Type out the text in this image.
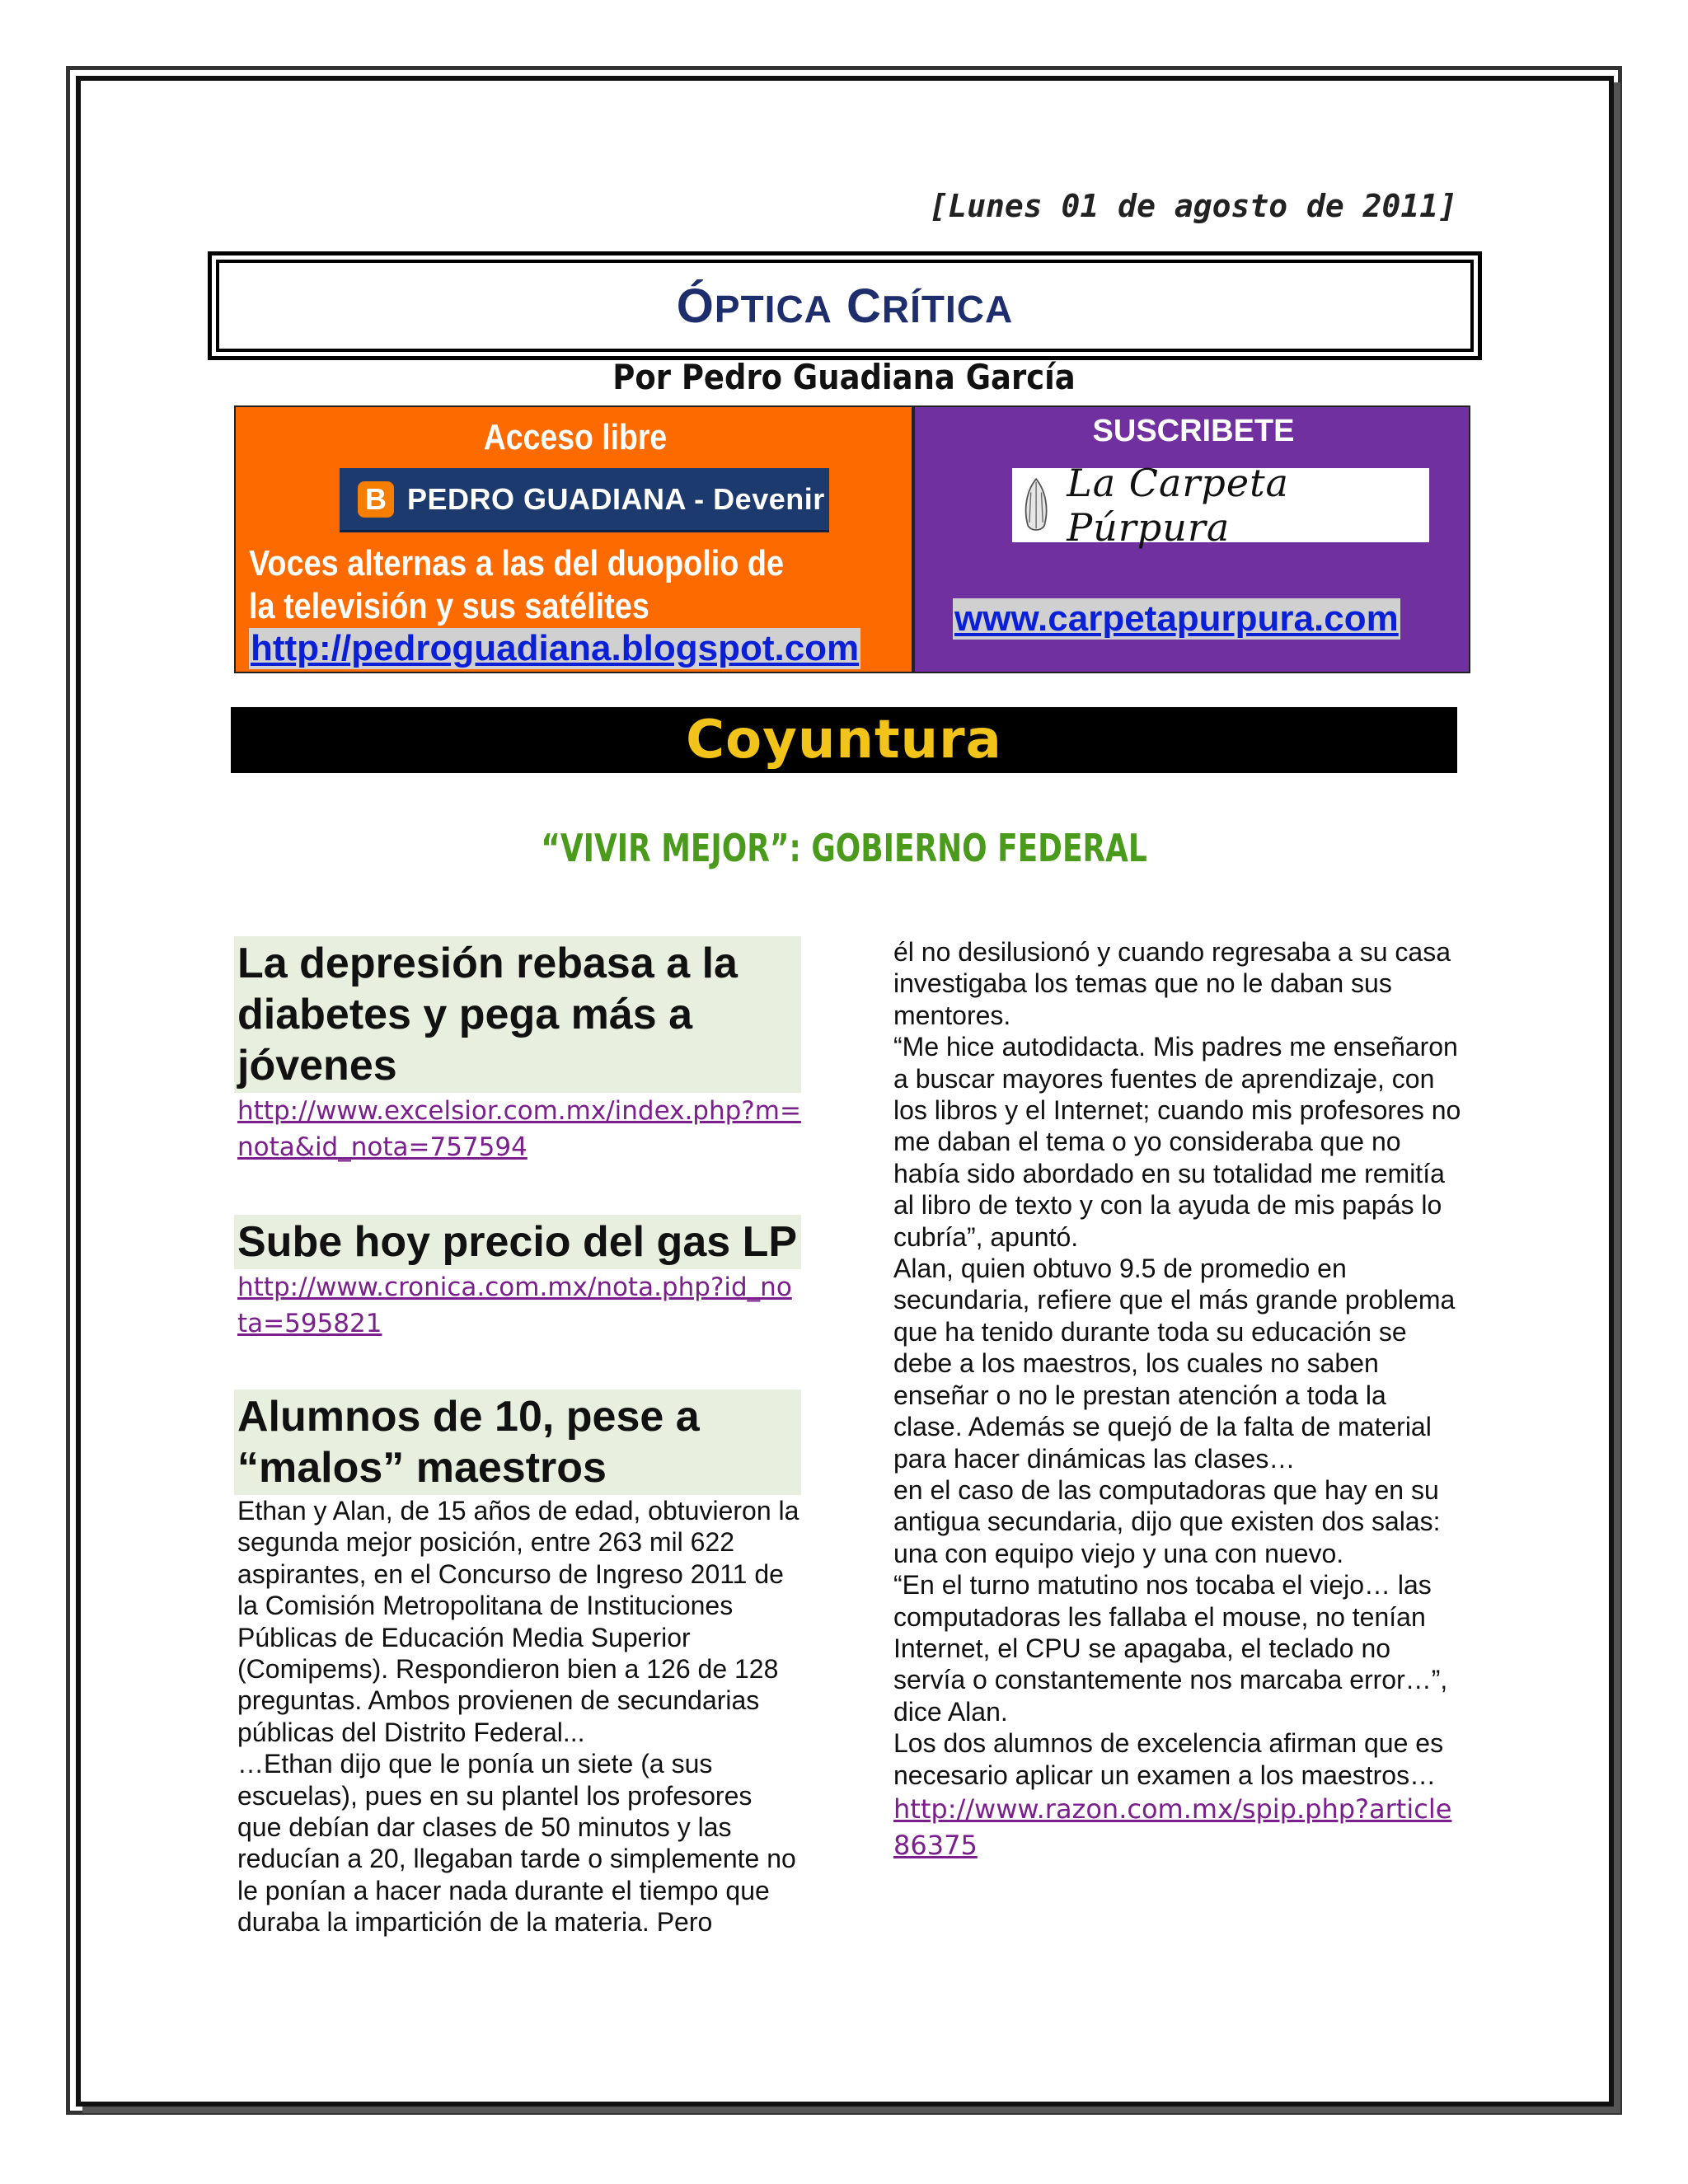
[Lunes 01 de agosto de 2011]
ÓPTICA CRÍTICA
Por Pedro Guadiana García
Acceso libre
B PEDRO GUADIANA - Devenir
Voces alternas a las del duopolio de la televisión y sus satélites
http://pedroguadiana.blogspot.com
SUSCRIBETE
La Carpeta Púrpura
www.carpetapurpura.com
Coyuntura
“VIVIR MEJOR”: GOBIERNO FEDERAL
La depresión rebasa a la diabetes y pega más a jóvenes
http://www.excelsior.com.mx/index.php?m=nota&id_nota=757594
Sube hoy precio del gas LP
http://www.cronica.com.mx/nota.php?id_nota=595821
Alumnos de 10, pese a “malos” maestros
Ethan y Alan, de 15 años de edad, obtuvieron la segunda mejor posición, entre 263 mil 622 aspirantes, en el Concurso de Ingreso 2011 de la Comisión Metropolitana de Instituciones Públicas de Educación Media Superior (Comipems). Respondieron bien a 126 de 128 preguntas. Ambos provienen de secundarias públicas del Distrito Federal...
…Ethan dijo que le ponía un siete (a sus escuelas), pues en su plantel los profesores que debían dar clases de 50 minutos y las reducían a 20, llegaban tarde o simplemente no le ponían a hacer nada durante el tiempo que duraba la impartición de la materia. Pero
él no desilusionó y cuando regresaba a su casa investigaba los temas que no le daban sus mentores.
“Me hice autodidacta. Mis padres me enseñaron a buscar mayores fuentes de aprendizaje, con los libros y el Internet; cuando mis profesores no me daban el tema o yo consideraba que no había sido abordado en su totalidad me remitía al libro de texto y con la ayuda de mis papás lo cubría”, apuntó.
Alan, quien obtuvo 9.5 de promedio en secundaria, refiere que el más grande problema que ha tenido durante toda su educación se debe a los maestros, los cuales no saben enseñar o no le prestan atención a toda la clase. Además se quejó de la falta de material para hacer dinámicas las clases…
en el caso de las computadoras que hay en su antigua secundaria, dijo que existen dos salas: una con equipo viejo y una con nuevo.
“En el turno matutino nos tocaba el viejo… las computadoras les fallaba el mouse, no tenían Internet, el CPU se apagaba, el teclado no servía o constantemente nos marcaba error…”, dice Alan.
Los dos alumnos de excelencia afirman que es necesario aplicar un examen a los maestros…
http://www.razon.com.mx/spip.php?article86375
